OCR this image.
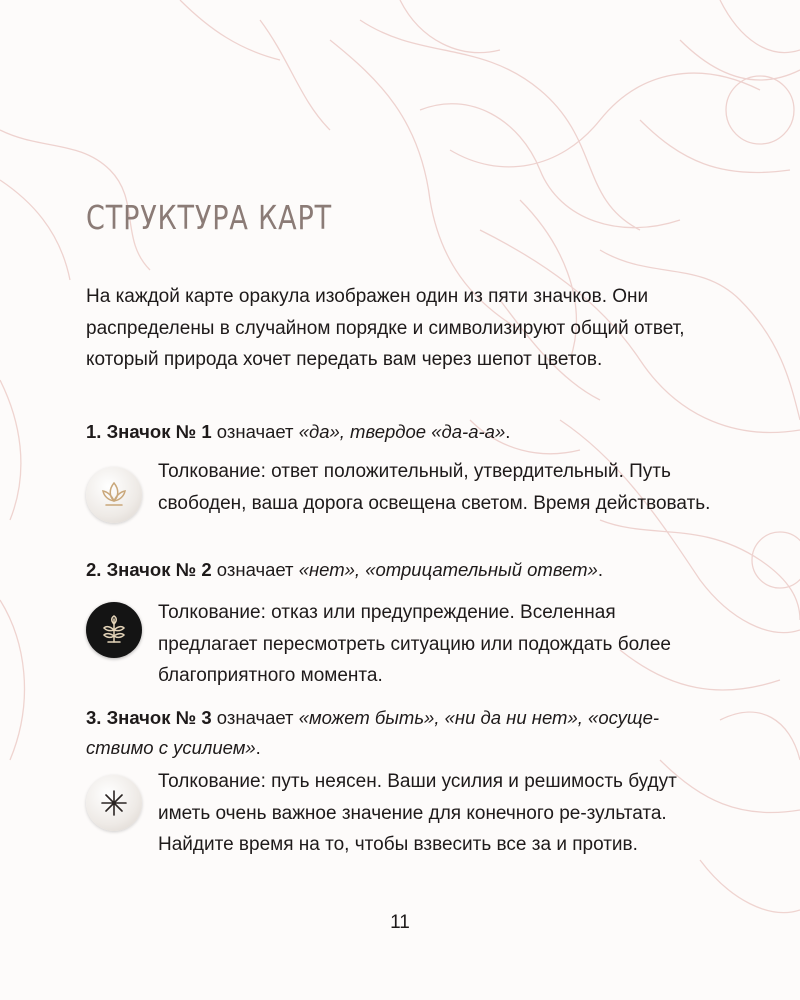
СТРУКТУРА КАРТ

На каждой карте оракула изображен один из пяти значков. Они распределены в случайном порядке и символизируют общий ответ, который природа хочет передать вам через шепот цветов.

1. Значок № 1 означает «да», твердое «да-а-а».

Толкование: ответ положительный, утвердительный. Путь свободен, ваша дорога освещена светом. Время действовать.

2. Значок № 2 означает «нет», «отрицательный ответ».

Толкование: отказ или предупреждение. Вселенная предлагает пересмотреть ситуацию или подождать более благоприятного момента.

3. Значок № 3 означает «может быть», «ни да ни нет», «осуще-ствимо с усилием».

Толкование: путь неясен. Ваши усилия и решимость будут иметь очень важное значение для конечного ре-зультата. Найдите время на то, чтобы взвесить все за и против.

11
